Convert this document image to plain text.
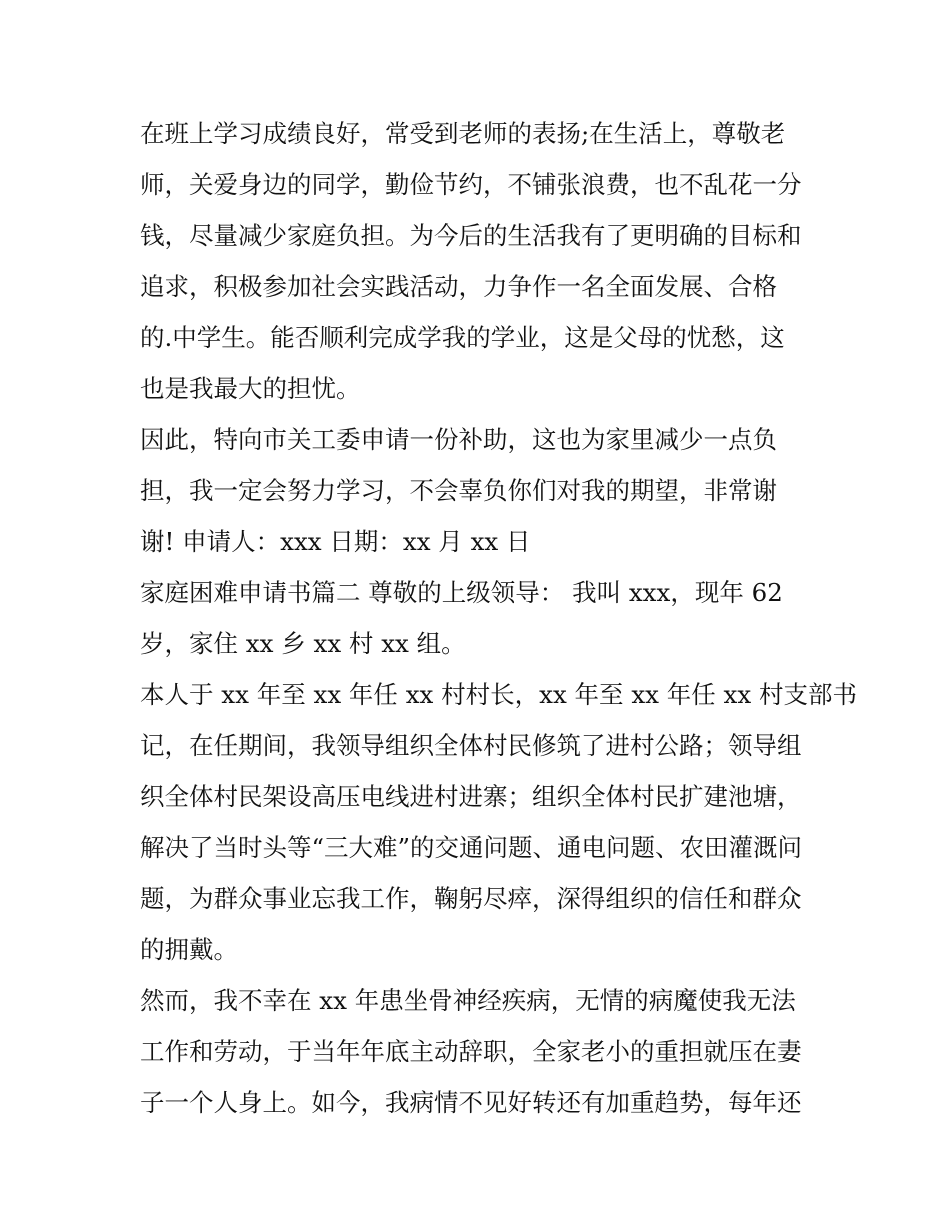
在班上学习成绩良好，常受到老师的表扬;在生活上，尊敬老
师，关爱身边的同学，勤俭节约，不铺张浪费，也不乱花一分
钱，尽量减少家庭负担。为今后的生活我有了更明确的目标和
追求，积极参加社会实践活动，力争作一名全面发展、合格
的.中学生。能否顺利完成学我的学业，这是父母的忧愁，这
也是我最大的担忧。
因此，特向市关工委申请一份补助，这也为家里减少一点负
担，我一定会努力学习，不会辜负你们对我的期望，非常谢
谢! 申请人：xxx 日期：xx 月 xx 日
家庭困难申请书篇二 尊敬的上级领导： 我叫 xxx，现年 62
岁，家住 xx 乡 xx 村 xx 组。
本人于 xx 年至 xx 年任 xx 村村长，xx 年至 xx 年任 xx 村支部书
记，在任期间，我领导组织全体村民修筑了进村公路；领导组
织全体村民架设高压电线进村进寨；组织全体村民扩建池塘，
解决了当时头等“三大难”的交通问题、通电问题、农田灌溉问
题，为群众事业忘我工作，鞠躬尽瘁，深得组织的信任和群众
的拥戴。
然而，我不幸在 xx 年患坐骨神经疾病，无情的病魔使我无法
工作和劳动，于当年年底主动辞职，全家老小的重担就压在妻
子一个人身上。如今，我病情不见好转还有加重趋势，每年还
